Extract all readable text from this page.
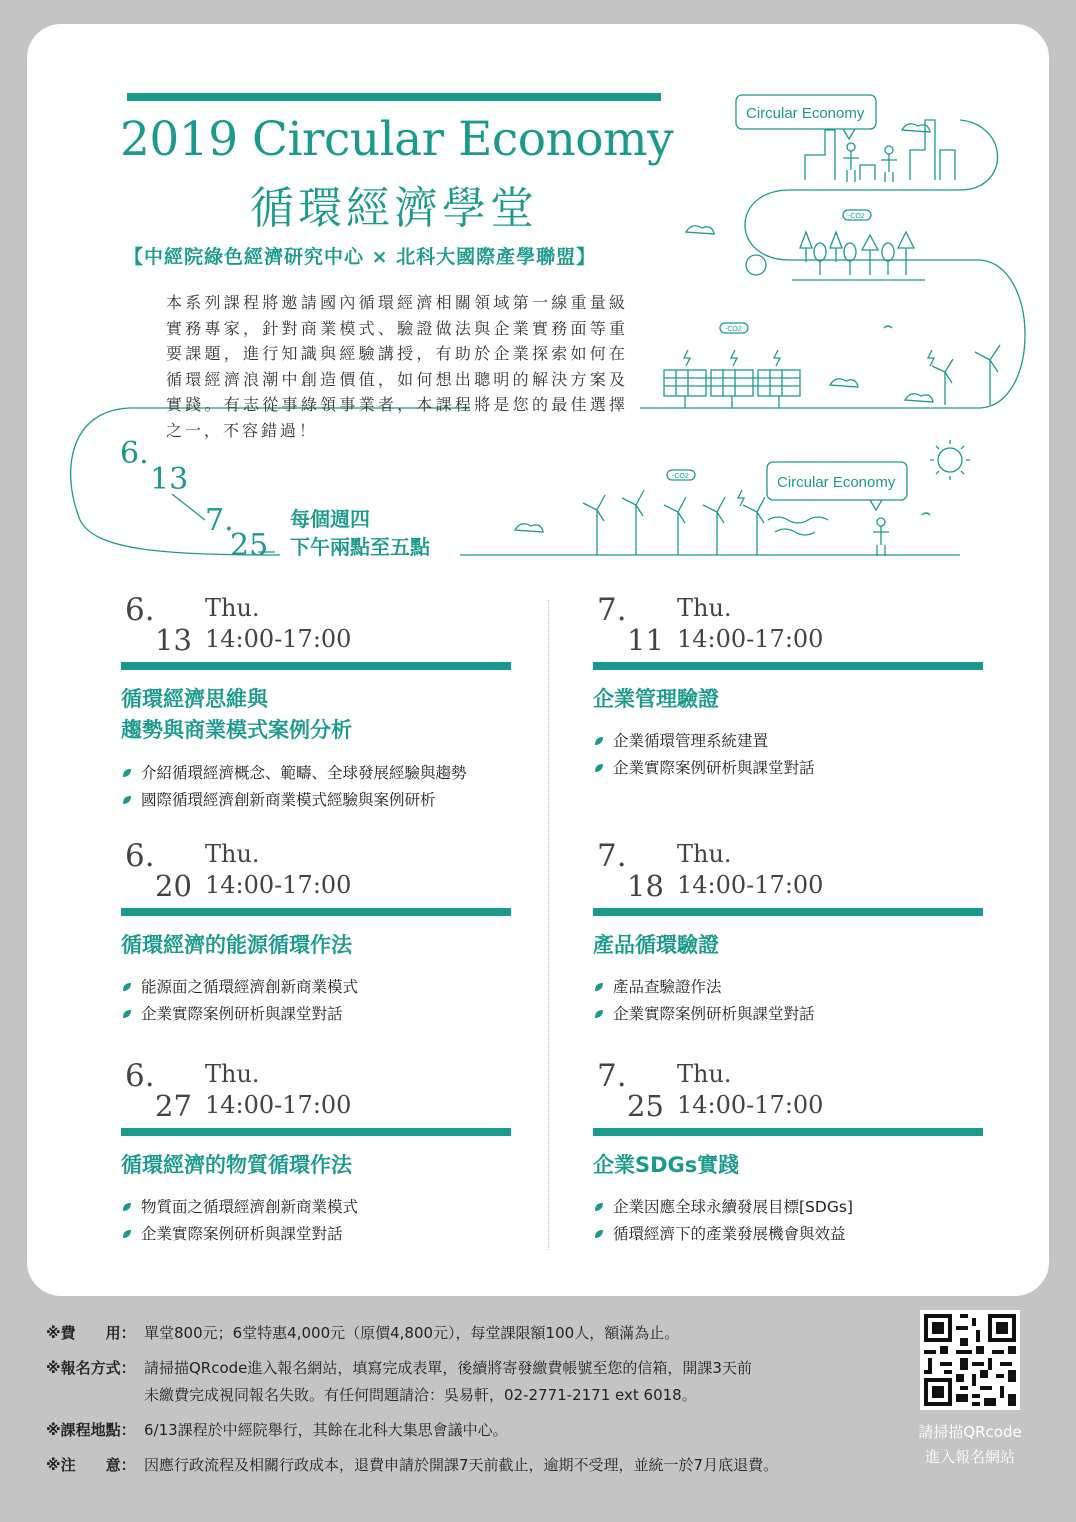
Circular Economy
Circular Economy
-CO2
-CO2
-CO2
2019 Circular Economy
循環經濟學堂
【中經院綠色經濟研究中心 × 北科大國際產學聯盟】
本系列課程將邀請國內循環經濟相關領域第一線重量級實務專家，針對商業模式、驗證做法與企業實務面等重要課題，進行知識與經驗講授，有助於企業探索如何在循環經濟浪潮中創造價值，如何想出聰明的解決方案及實踐。有志從事綠領事業者，本課程將是您的最佳選擇之一，不容錯過！
6.
13
7.
25
每個週四
下午兩點至五點
6.
13
Thu.
14:00-17:00
循環經濟思維與
趨勢與商業模式案例分析
介紹循環經濟概念、範疇、全球發展經驗與趨勢
國際循環經濟創新商業模式經驗與案例研析
7.
11
Thu.
14:00-17:00
企業管理驗證
企業循環管理系統建置
企業實際案例研析與課堂對話
6.
20
Thu.
14:00-17:00
循環經濟的能源循環作法
能源面之循環經濟創新商業模式
企業實際案例研析與課堂對話
7.
18
Thu.
14:00-17:00
產品循環驗證
產品查驗證作法
企業實際案例研析與課堂對話
6.
27
Thu.
14:00-17:00
循環經濟的物質循環作法
物質面之循環經濟創新商業模式
企業實際案例研析與課堂對話
7.
25
Thu.
14:00-17:00
企業SDGs實踐
企業因應全球永續發展目標[SDGs]
循環經濟下的產業發展機會與效益
※費　　用： 單堂800元；6堂特惠4,000元（原價4,800元），每堂課限額100人，額滿為止。
※報名方式： 請掃描QRcode進入報名網站，填寫完成表單，後續將寄發繳費帳號至您的信箱，開課3天前
未繳費完成視同報名失敗。有任何問題請洽：吳易軒，02-2771-2171 ext 6018。
※課程地點： 6/13課程於中經院舉行，其餘在北科大集思會議中心。
※注　　意： 因應行政流程及相關行政成本，退費申請於開課7天前截止，逾期不受理，並統一於7月底退費。
請掃描QRcode
進入報名網站
